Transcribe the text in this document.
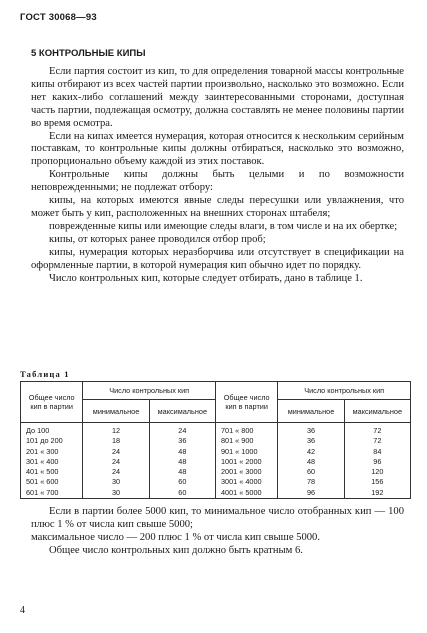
ГОСТ 30068—93
5 КОНТРОЛЬНЫЕ КИПЫ

Если партия состоит из кип, то для определения товарной массы контрольные кипы отбирают из всех частей партии произвольно, насколько это возможно. Если нет каких-либо соглашений между заинтересованными сторонами, доступная часть партии, подлежащая осмотру, должна составлять не менее половины партии во время осмотра.

Если на кипах имеется нумерация, которая относится к нескольким серийным поставкам, то контрольные кипы должны отбираться, насколько это возможно, пропорционально объему каждой из этих поставок.

Контрольные кипы должны быть целыми и по возможности неповрежденными; не подлежат отбору:

кипы, на которых имеются явные следы пересушки или увлажнения, что может быть у кип, расположенных на внешних сторонах штабеля;

поврежденные кипы или имеющие следы влаги, в том числе и на их обертке;

кипы, от которых ранее проводился отбор проб;

кипы, нумерация которых неразборчива или отсутствует в спецификации на оформленные партии, в которой нумерация кип обычно идет по порядку.

Число контрольных кип, которые следует отбирать, дано в таблице 1.

Таблица 1
Общее число кип в партии	Число контрольных кип		Общее число кип в партии	Число контрольных кип	
	минимальное	максимальное		минимальное	максимальное
До 100	12	24	701 « 800	36	72
101 до 200	18	36	801 « 900	36	72
201 « 300	24	48	901 « 1000	42	84
301 « 400	24	48	1001 « 2000	48	96
401 « 500	24	48	2001 « 3000	60	120
501 « 600	30	60	3001 « 4000	78	156
601 « 700	30	60	4001 « 5000	96	192

Если в партии более 5000 кип, то минимальное число отобранных кип — 100 плюс 1 % от числа кип свыше 5000;

максимальное число — 200 плюс 1 % от числа кип свыше 5000.

Общее число контрольных кип должно быть кратным 6.

4
